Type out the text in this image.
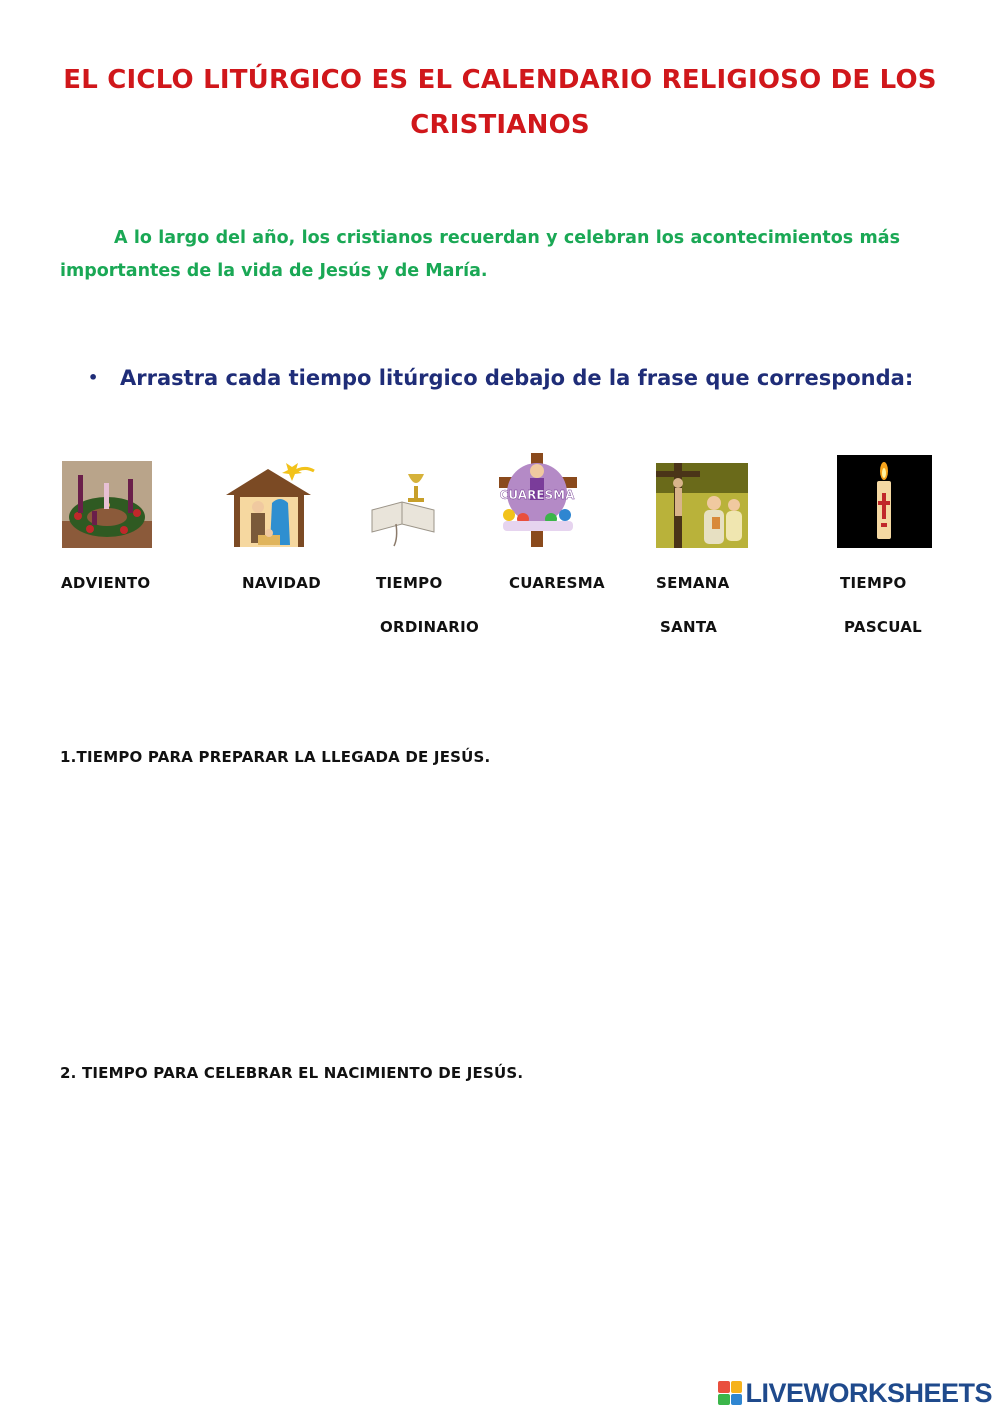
EL CICLO LITÚRGICO ES EL CALENDARIO RELIGIOSO DE LOS CRISTIANOS
A lo largo del año, los cristianos recuerdan y celebran los acontecimientos más importantes de la vida de Jesús y de María.
• Arrastra cada tiempo litúrgico debajo de la frase que corresponda:
CUARESMA
ADVIENTO	NAVIDAD	TIEMPO
ORDINARIO
CUARESMA	SEMANA
SANTA
TIEMPO
PASCUAL
1.TIEMPO PARA PREPARAR LA LLEGADA DE JESÚS.
2. TIEMPO PARA CELEBRAR EL NACIMIENTO DE JESÚS.
LIVEWORKSHEETS
